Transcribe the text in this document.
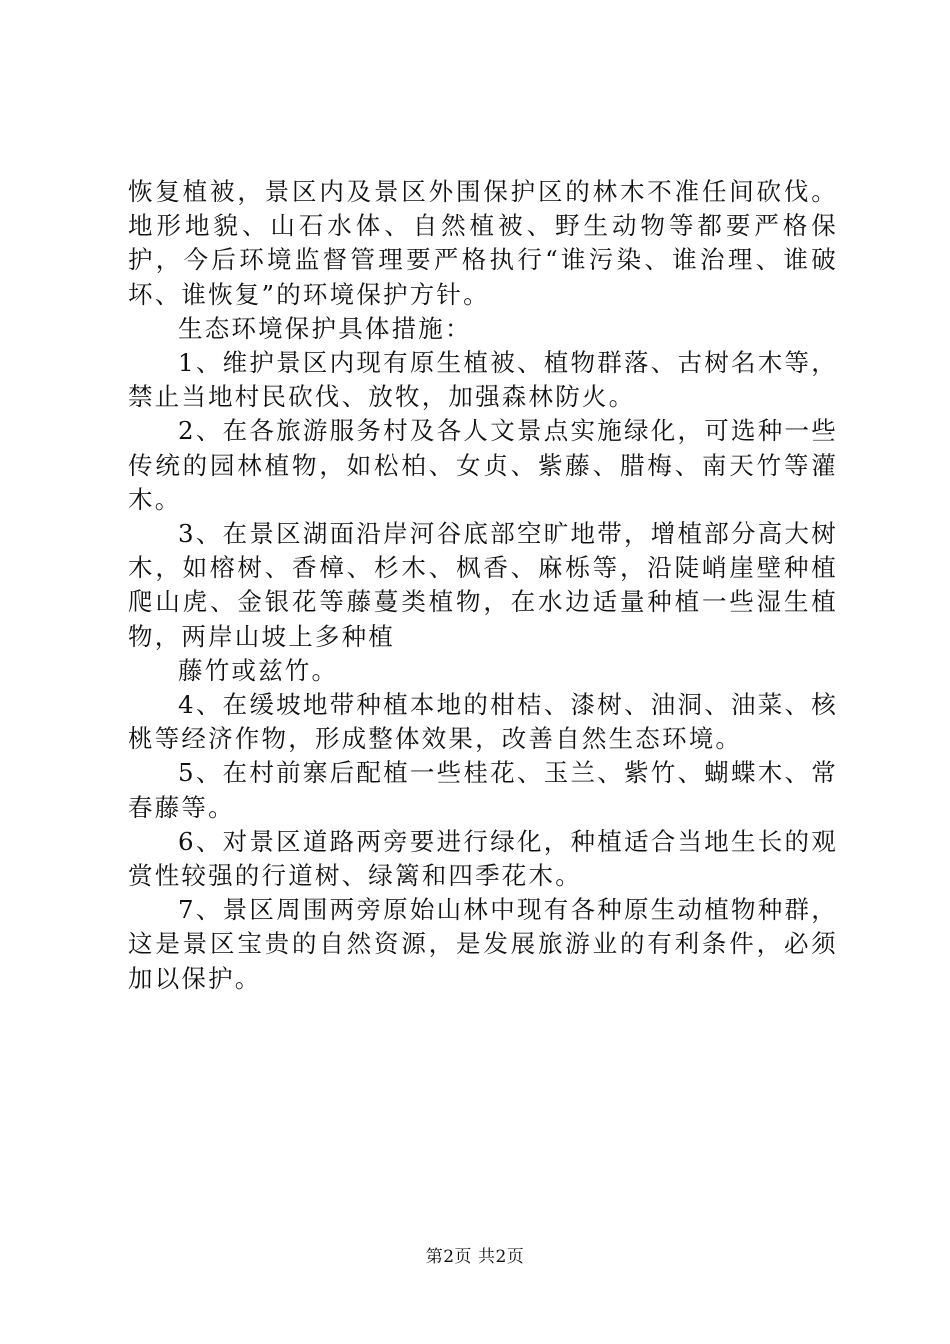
恢复植被，景区内及景区外围保护区的林木不准任间砍伐。地形地貌、山石水体、自然植被、野生动物等都要严格保护，今后环境监督管理要严格执行“谁污染、谁治理、谁破坏、谁恢复”的环境保护方针。

生态环境保护具体措施：

1、维护景区内现有原生植被、植物群落、古树名木等，禁止当地村民砍伐、放牧，加强森林防火。

2、在各旅游服务村及各人文景点实施绿化，可选种一些传统的园林植物，如松柏、女贞、紫藤、腊梅、南天竹等灌木。

3、在景区湖面沿岸河谷底部空旷地带，增植部分高大树木，如榕树、香樟、杉木、枫香、麻栎等，沿陡峭崖壁种植爬山虎、金银花等藤蔓类植物，在水边适量种植一些湿生植物，两岸山坡上多种植

藤竹或兹竹。

4、在缓坡地带种植本地的柑桔、漆树、油洞、油菜、核桃等经济作物，形成整体效果，改善自然生态环境。

5、在村前寨后配植一些桂花、玉兰、紫竹、蝴蝶木、常春藤等。

6、对景区道路两旁要进行绿化，种植适合当地生长的观赏性较强的行道树、绿篱和四季花木。

7、景区周围两旁原始山林中现有各种原生动植物种群，这是景区宝贵的自然资源，是发展旅游业的有利条件，必须加以保护。

第2页 共2页
